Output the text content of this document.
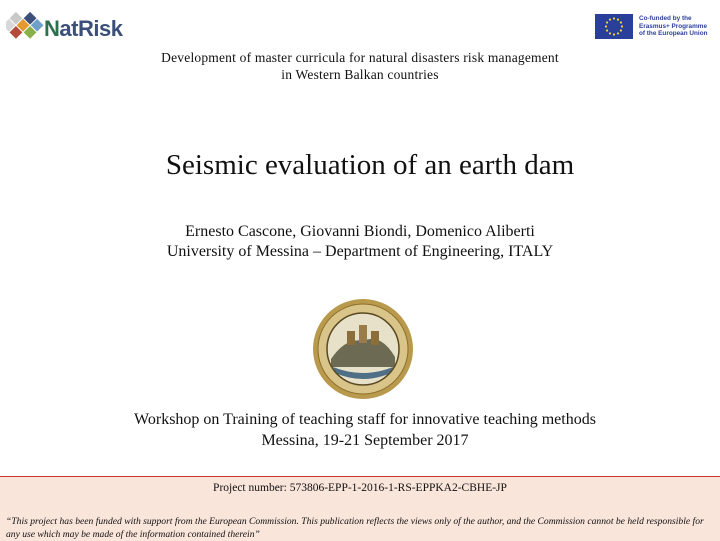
NatRisk	Co-funded by the
Erasmus+ Programme
of the European Union
Development of master curricula for natural disasters risk management
in Western Balkan countries
Seismic evaluation of an earth dam
Ernesto Cascone, Giovanni Biondi, Domenico Aliberti
University of Messina – Department of Engineering, ITALY
Workshop on Training of teaching staff for innovative teaching methods
Messina, 19-21 September 2017
Project number: 573806-EPP-1-2016-1-RS-EPPKA2-CBHE-JP
“This project has been funded with support from the European Commission. This publication reflects the views only of the author, and the Commission cannot be held responsible for any use which may be made of the information contained therein”
